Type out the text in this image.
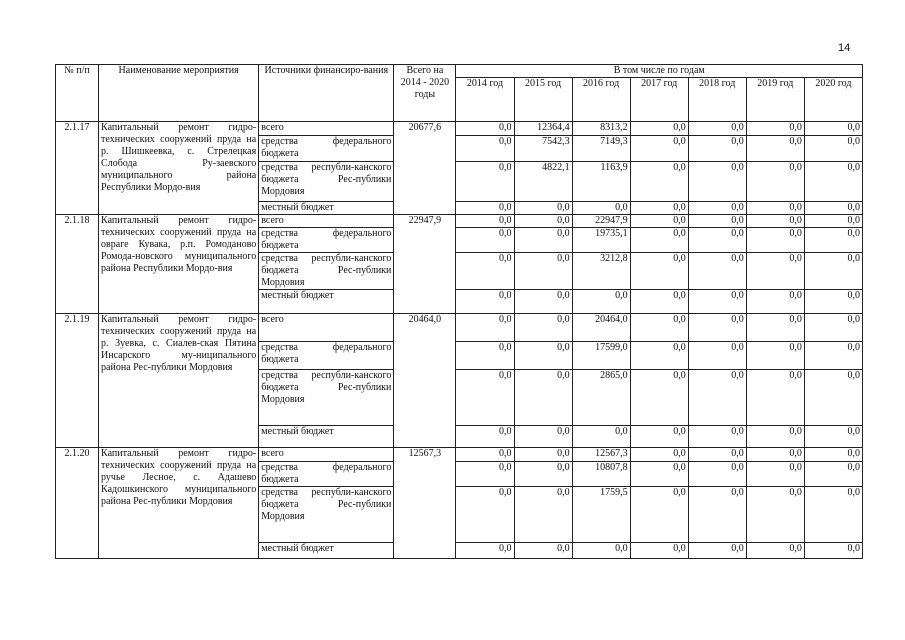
14
№ п/п	Наименование мероприятия	Источники финансиро-вания	Всего на 2014 - 2020 годы	В том числе по годам						
				2014 год	2015 год	2016 год	2017 год	2018 год	2019 год	2020 год
2.1.17	Капитальный ремонт гидро-технических сооружений пруда на р. Шишкеевка, с. Стрелецкая Слобода Ру-заевского муниципального района Республики Мордо-вия	всего	20677,6	0,0	12364,4	8313,2	0,0	0,0	0,0	0,0
		средства федерального бюджета		0,0	7542,3	7149,3	0,0	0,0	0,0	0,0
		средства республи-канского бюджета Рес-публики Мордовия		0,0	4822,1	1163,9	0,0	0,0	0,0	0,0
		местный бюджет		0,0	0,0	0,0	0,0	0,0	0,0	0,0
2.1.18	Капитальный ремонт гидро-технических сооружений пруда на овраге Кувака, р.п. Ромоданово Ромода-новского муниципального района Республики Мордо-вия	всего	22947,9	0,0	0,0	22947,9	0,0	0,0	0,0	0,0
		средства федерального бюджета		0,0	0,0	19735,1	0,0	0,0	0,0	0,0
		средства республи-канского бюджета Рес-публики Мордовия		0,0	0,0	3212,8	0,0	0,0	0,0	0,0
		местный бюджет		0,0	0,0	0,0	0,0	0,0	0,0	0,0
2.1.19	Капитальный ремонт гидро-технических сооружений пруда на р. Зуевка, с. Сиалев-ская Пятина Инсарского му-ниципального района Рес-публики Мордовия	всего	20464,0	0,0	0,0	20464,0	0,0	0,0	0,0	0,0
		средства федерального бюджета		0,0	0,0	17599,0	0,0	0,0	0,0	0,0
		средства республи-канского бюджета Рес-публики Мордовия		0,0	0,0	2865,0	0,0	0,0	0,0	0,0
		местный бюджет		0,0	0,0	0,0	0,0	0,0	0,0	0,0
2.1.20	Капитальный ремонт гидро-технических сооружений пруда на ручье Лесное, с. Адашево Кадошкинского муниципального района Рес-публики Мордовия	всего	12567,3	0,0	0,0	12567,3	0,0	0,0	0,0	0,0
		средства федерального бюджета		0,0	0,0	10807,8	0,0	0,0	0,0	0,0
		средства республи-канского бюджета Рес-публики Мордовия		0,0	0,0	1759,5	0,0	0,0	0,0	0,0
		местный бюджет		0,0	0,0	0,0	0,0	0,0	0,0	0,0
